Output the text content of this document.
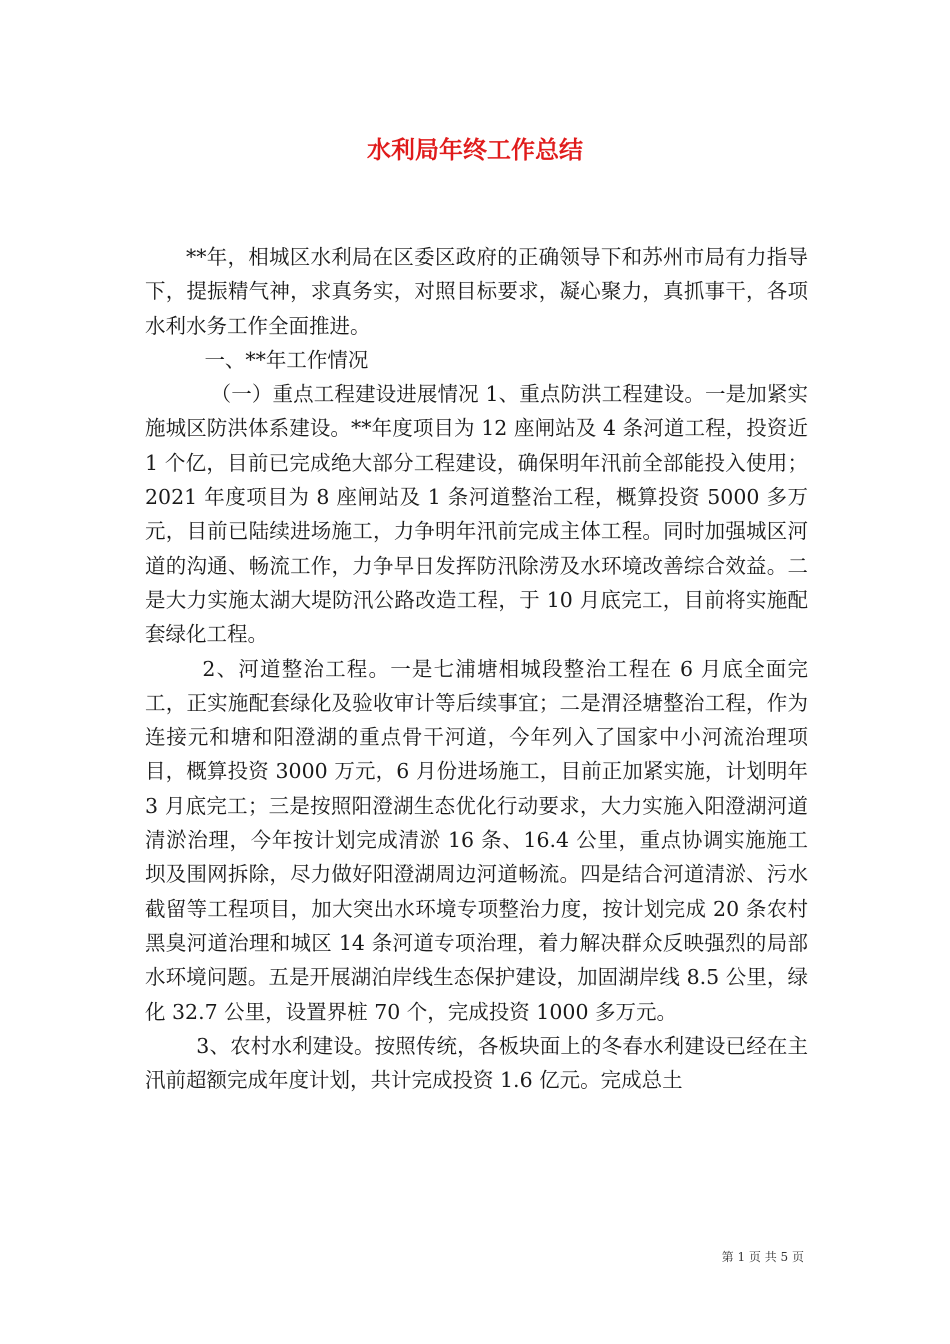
水利局年终工作总结

**年，相城区水利局在区委区政府的正确领导下和苏州市局有力指导下，提振精气神，求真务实，对照目标要求，凝心聚力，真抓事干，各项水利水务工作全面推进。

一、**年工作情况

（一）重点工程建设进展情况 1、重点防洪工程建设。一是加紧实施城区防洪体系建设。**年度项目为 12 座闸站及 4 条河道工程，投资近 1 个亿，目前已完成绝大部分工程建设，确保明年汛前全部能投入使用；2021 年度项目为 8 座闸站及 1 条河道整治工程，概算投资 5000 多万元，目前已陆续进场施工，力争明年汛前完成主体工程。同时加强城区河道的沟通、畅流工作，力争早日发挥防汛除涝及水环境改善综合效益。二是大力实施太湖大堤防汛公路改造工程，于 10 月底完工，目前将实施配套绿化工程。

2、河道整治工程。一是七浦塘相城段整治工程在 6 月底全面完工，正实施配套绿化及验收审计等后续事宜；二是渭泾塘整治工程，作为连接元和塘和阳澄湖的重点骨干河道，今年列入了国家中小河流治理项目，概算投资 3000 万元，6 月份进场施工，目前正加紧实施，计划明年 3 月底完工；三是按照阳澄湖生态优化行动要求，大力实施入阳澄湖河道清淤治理，今年按计划完成清淤 16 条、16.4 公里，重点协调实施施工坝及围网拆除，尽力做好阳澄湖周边河道畅流。四是结合河道清淤、污水截留等工程项目，加大突出水环境专项整治力度，按计划完成 20 条农村黑臭河道治理和城区 14 条河道专项治理，着力解决群众反映强烈的局部水环境问题。五是开展湖泊岸线生态保护建设，加固湖岸线 8.5 公里，绿化 32.7 公里，设置界桩 70 个，完成投资 1000 多万元。

3、农村水利建设。按照传统，各板块面上的冬春水利建设已经在主汛前超额完成年度计划，共计完成投资 1.6 亿元。完成总土

第 1 页 共 5 页
